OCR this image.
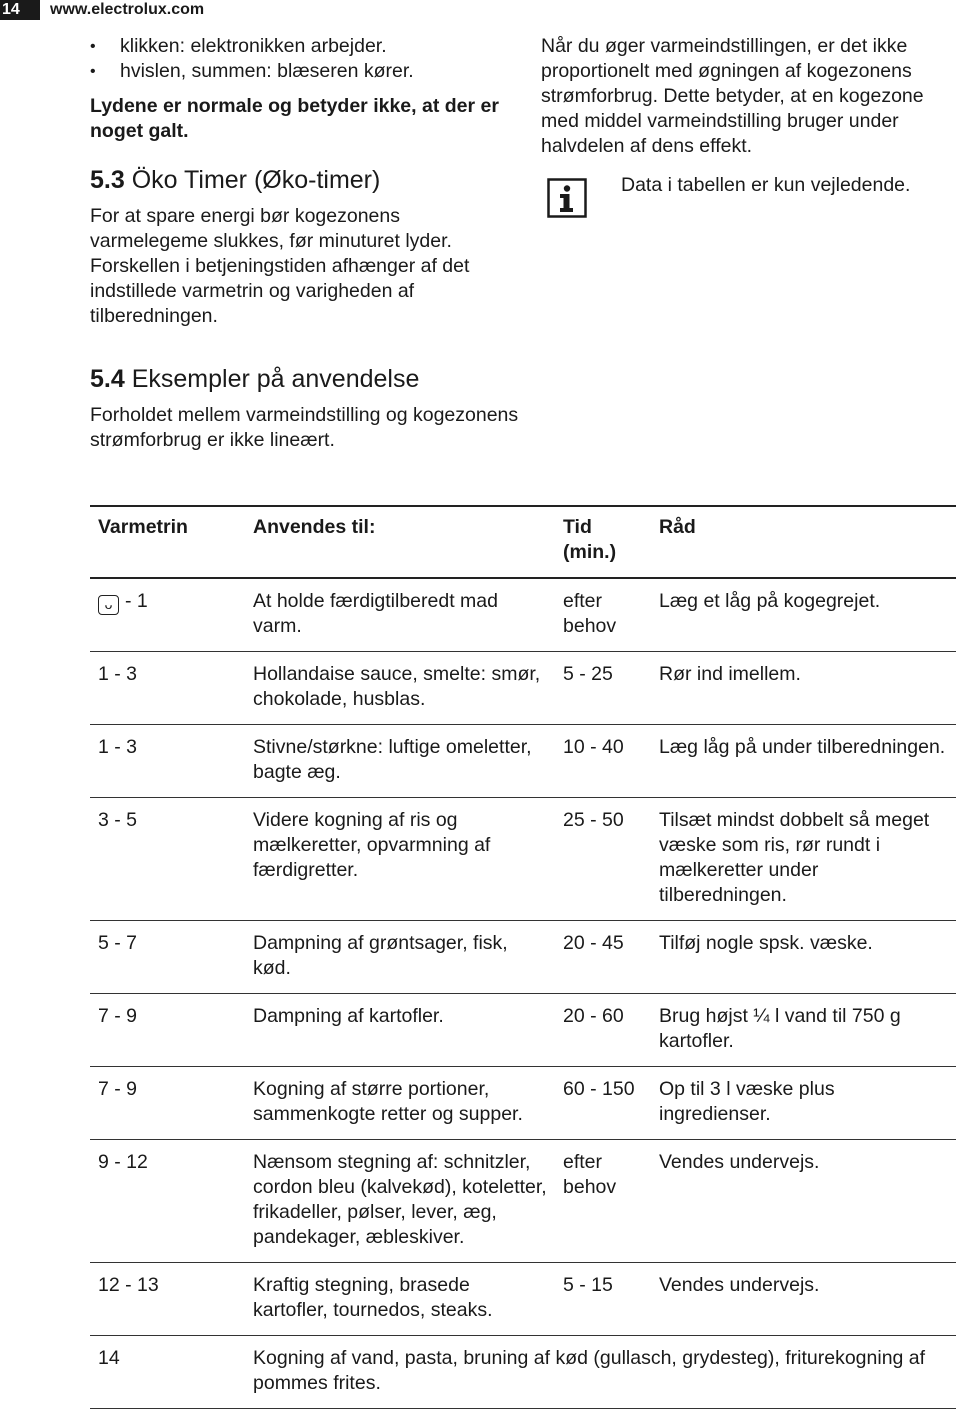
14	www.electrolux.com
• klikken: elektronikken arbejder.
• hvislen, summen: blæseren kører.

Lydene er normale og betyder ikke, at der er noget galt.

5.3 Öko Timer (Øko-timer)

For at spare energi bør kogezonens varmelegeme slukkes, før minuturet lyder. Forskellen i betjeningstiden afhænger af det indstillede varmetrin og varigheden af tilberedningen.

5.4 Eksempler på anvendelse

Forholdet mellem varmeindstilling og kogezonens strømforbrug er ikke lineært.

Når du øger varmeindstillingen, er det ikke proportionelt med øgningen af kogezonens strømforbrug. Dette betyder, at en kogezone med middel varmeindstilling bruger under halvdelen af dens effekt.

Data i tabellen er kun vejledende.
Varmetrin	Anvendes til:	Tid (min.)	Råd
ᴗ - 1	At holde færdigtilberedt mad varm.	efter behov	Læg et låg på kogegrejet.
1 - 3	Hollandaise sauce, smelte: smør, chokolade, husblas.	5 - 25	Rør ind imellem.
1 - 3	Stivne/størkne: luftige omeletter, bagte æg.	10 - 40	Læg låg på under tilberedningen.
3 - 5	Videre kogning af ris og mælkeretter, opvarmning af færdigretter.	25 - 50	Tilsæt mindst dobbelt så meget væske som ris, rør rundt i mælkeretter under tilberedningen.
5 - 7	Dampning af grøntsager, fisk, kød.	20 - 45	Tilføj nogle spsk. væske.
7 - 9	Dampning af kartofler.	20 - 60	Brug højst ¼ l vand til 750 g kartofler.
7 - 9	Kogning af større portioner, sammenkogte retter og supper.	60 - 150	Op til 3 l væske plus ingredienser.
9 - 12	Nænsom stegning af: schnitzler, cordon bleu (kalvekød), koteletter, frikadeller, pølser, lever, æg, pandekager, æbleskiver.	efter behov	Vendes undervejs.
12 - 13	Kraftig stegning, brasede kartofler, tournedos, steaks.	5 - 15	Vendes undervejs.
14	Kogning af vand, pasta, bruning af kød (gullasch, grydesteg), friturekogning af pommes frites.		
